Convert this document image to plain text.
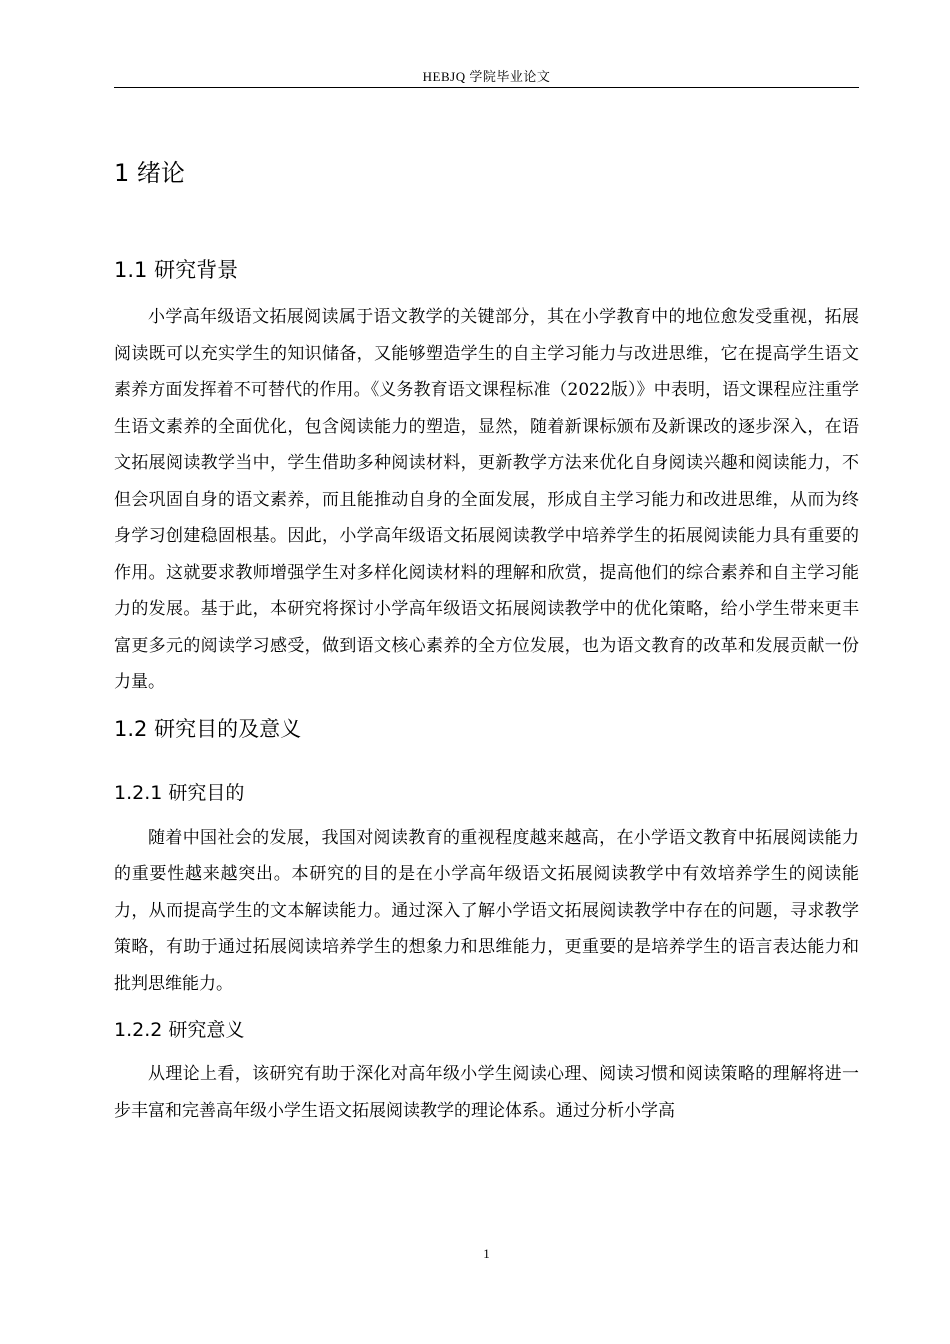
HEBJQ 学院毕业论文
1 绪论
1.1 研究背景

小学高年级语文拓展阅读属于语文教学的关键部分，其在小学教育中的地位愈发受重视，拓展阅读既可以充实学生的知识储备，又能够塑造学生的自主学习能力与改进思维，它在提高学生语文素养方面发挥着不可替代的作用。《义务教育语文课程标准（2022版）》中表明，语文课程应注重学生语文素养的全面优化，包含阅读能力的塑造，显然，随着新课标颁布及新课改的逐步深入，在语文拓展阅读教学当中，学生借助多种阅读材料，更新教学方法来优化自身阅读兴趣和阅读能力，不但会巩固自身的语文素养，而且能推动自身的全面发展，形成自主学习能力和改进思维，从而为终身学习创建稳固根基。因此，小学高年级语文拓展阅读教学中培养学生的拓展阅读能力具有重要的作用。这就要求教师增强学生对多样化阅读材料的理解和欣赏，提高他们的综合素养和自主学习能力的发展。基于此，本研究将探讨小学高年级语文拓展阅读教学中的优化策略，给小学生带来更丰富更多元的阅读学习感受，做到语文核心素养的全方位发展，也为语文教育的改革和发展贡献一份力量。

1.2 研究目的及意义
1.2.1 研究目的

随着中国社会的发展，我国对阅读教育的重视程度越来越高，在小学语文教育中拓展阅读能力的重要性越来越突出。本研究的目的是在小学高年级语文拓展阅读教学中有效培养学生的阅读能力，从而提高学生的文本解读能力。通过深入了解小学语文拓展阅读教学中存在的问题，寻求教学策略，有助于通过拓展阅读培养学生的想象力和思维能力，更重要的是培养学生的语言表达能力和批判思维能力。

1.2.2 研究意义

从理论上看，该研究有助于深化对高年级小学生阅读心理、阅读习惯和阅读策略的理解将进一步丰富和完善高年级小学生语文拓展阅读教学的理论体系。通过分析小学高

1
